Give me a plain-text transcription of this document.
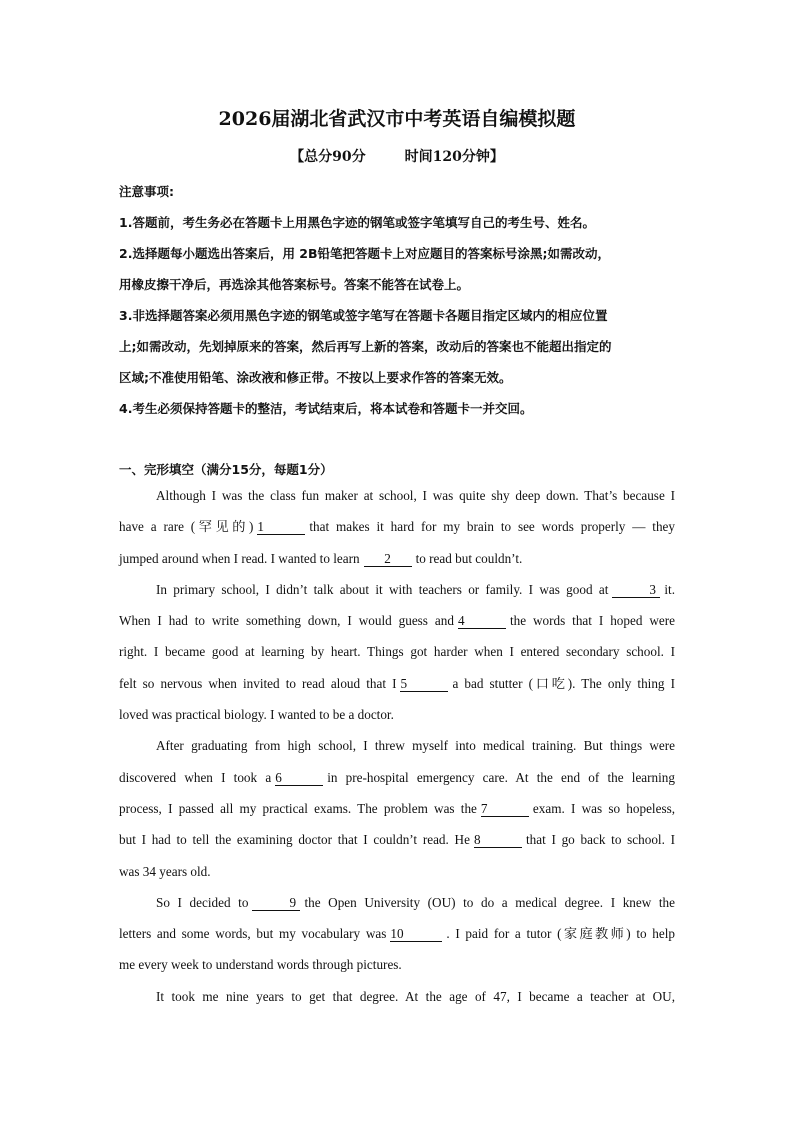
2026届湖北省武汉市中考英语自编模拟题
【总分90分        时间120分钟】

注意事项:

1.答题前，考生务必在答题卡上用黑色字迹的钢笔或签字笔填写自己的考生号、姓名。

2.选择题每小题选出答案后，用 2B铅笔把答题卡上对应题目的答案标号涂黑;如需改动，

用橡皮擦干净后，再选涂其他答案标号。答案不能答在试卷上。

3.非选择题答案必须用黑色字迹的钢笔或签字笔写在答题卡各题目指定区域内的相应位置

上;如需改动，先划掉原来的答案，然后再写上新的答案，改动后的答案也不能超出指定的

区域;不准使用铅笔、涂改液和修正带。不按以上要求作答的答案无效。

4.考生必须保持答题卡的整洁，考试结束后，将本试卷和答题卡一并交回。

一、完形填空（满分15分，每题1分）

Although I was the class fun maker at school, I was quite shy deep down. That’s because I
have a rare (罕见的) 1	that makes it hard for my brain to see words properly — they
jumped around when I read. I wanted to learn 2 to read but couldn’t.
In primary school, I didn’t talk about it with teachers or family. I was good at	3 it.
When I had to write something down, I would guess and 4	the words that I hoped were
right. I became good at learning by heart. Things got harder when I entered secondary school. I
felt so nervous when invited to read aloud that I 5	a bad stutter (口吃). The only thing I
loved was practical biology. I wanted to be a doctor.
After graduating from high school, I threw myself into medical training. But things were
discovered when I took a 6	in pre-hospital emergency care. At the end of the learning
process, I passed all my practical exams. The problem was the 7	exam. I was so hopeless,
but I had to tell the examining doctor that I couldn’t read. He 8	that I go back to school. I
was 34 years old.
So I decided to	9 the Open University (OU) to do a medical degree. I knew the
letters and some words, but my vocabulary was 10	. I paid for a tutor (家庭教师) to help
me every week to understand words through pictures.
It took me nine years to get that degree. At the age of 47, I became a teacher at OU,
